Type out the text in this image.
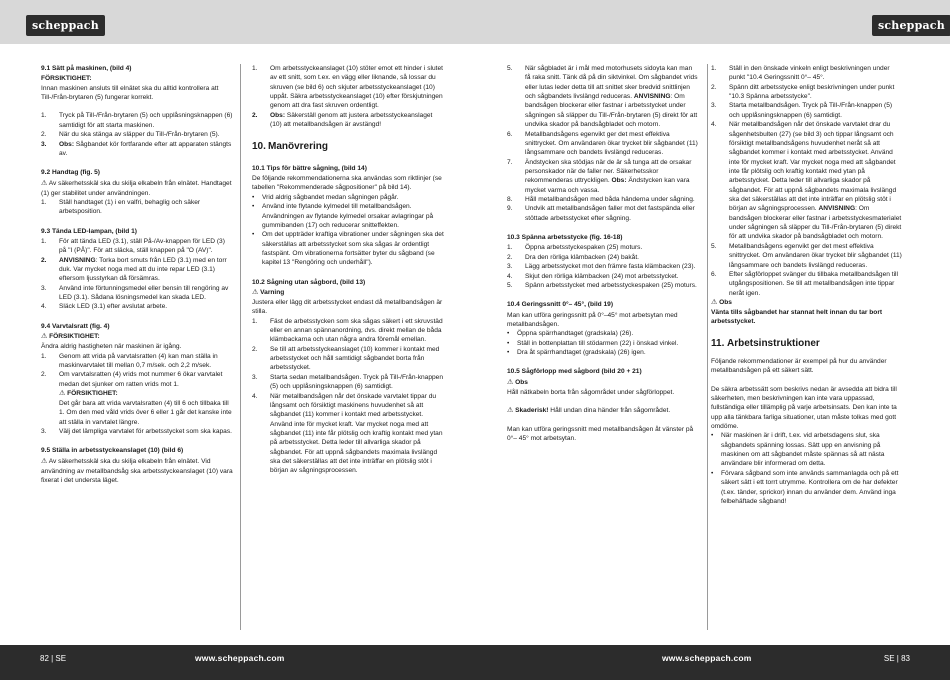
scheppach	scheppach
9.1 Sätt på maskinen, (bild 4)

FÖRSIKTIGHET:

Innan maskinen ansluts till elnätet ska du alltid kontrollera att Till-/Från-brytaren (5) fungerar korrekt.

1.	Tryck på Till-/Från-brytaren (5) och upplåsningsknappen (6) samtidigt för att starta maskinen.
2.	När du ska stänga av släpper du Till-/Från-brytaren (5).
3.	Obs: Sågbandet kör fortfarande efter att apparaten stängts av.
9.2 Handtag (fig. 5)

⚠ Av säkerhetsskäl ska du skilja elkabeln från elnätet. Handtaget (1) ger stabilitet under användningen.

1.	Ställ handtaget (1) i en valfri, behaglig och säker arbetsposition.
9.3 Tända LED-lampan, (bild 1)
1.	För att tända LED (3.1), ställ På-/Av-knappen för LED (3) på "I (PÅ)". För att släcka, ställ knappen på "O (AV)".
2.	ANVISNING: Torka bort smuts från LED (3.1) med en torr duk. Var mycket noga med att du inte repar LED (3.1) eftersom ljusstyrkan då försämras.
3.	Använd inte förtunningsmedel eller bensin till rengöring av LED (3.1). Sådana lösningsmedel kan skada LED.
4.	Släck LED (3.1) efter avslutat arbete.
9.4 Varvtalsratt (fig. 4)

⚠ FÖRSIKTIGHET:

Ändra aldrig hastigheten när maskinen är igång.

1.	Genom att vrida på varvtalsratten (4) kan man ställa in maskinvarvtalet till mellan 0,7 m/sek. och 2,2 m/sek.
2.	Om varvtalsratten (4) vrids mot nummer 6 ökar varvtalet medan det sjunker om ratten vrids mot 1.

⚠ FÖRSIKTIGHET:

Det går bara att vrida varvtalsratten (4) till 6 och tillbaka till 1. Om den med våld vrids över 6 eller 1 går det kanske inte att ställa in varvtalet längre.

3.	Välj det lämpliga varvtalet för arbetsstycket som ska kapas.
9.5 Ställa in arbetsstyckeanslaget (10) (bild 6)

⚠ Av säkerhetsskäl ska du skilja elkabeln från elnätet. Vid användning av metallbandsåg ska arbetsstyckeanslaget (10) vara fixerat i det understa läget.

1.	Om arbetsstyckeanslaget (10) stöter emot ett hinder i slutet av ett snitt, som t.ex. en vägg eller liknande, så lossar du skruven (se bild 6) och skjuter arbetsstyckeanslaget (10) uppåt. Säkra arbetsstyckeanslaget (10) efter förskjutningen genom att dra fast skruven ordentligt.
2.	Obs: Säkerställ genom att justera arbetsstyckeanslaget (10) att metallbandsågen är avstängd!
10. Manövrering
10.1 Tips för bättre sågning, (bild 14)

De följande rekommendationerna ska användas som riktlinjer (se tabellen "Rekommenderade sågpositioner" på bild 14).

•	Vrid aldrig sågbandet medan sågningen pågår.
•	Använd inte flytande kylmedel till metallbandsågen. Användningen av flytande kylmedel orsakar avlagringar på gummibanden (17) och reducerar snitteffekten.
•	Om det uppträder kraftiga vibrationer under sågningen ska det säkerställas att arbetsstycket som ska sågas är ordentligt fastspänt. Om vibrationerna fortsätter byter du sågband (se kapitel 13 "Rengöring och underhåll").
10.2 Sågning utan sågbord, (bild 13)

⚠ Varning

Justera eller lägg dit arbetsstycket endast då metallbandsågen är stilla.

1.	Fäst de arbetsstycken som ska sågas säkert i ett skruvstäd eller en annan spännanordning, dvs. direkt mellan de båda klämbackarna och utan några andra föremål emellan.
2.	Se till att arbetsstyckeanslaget (10) kommer i kontakt med arbetsstycket och håll samtidigt sågbandet borta från arbetsstycket.
3.	Starta sedan metallbandsågen. Tryck på Till-/Från-knappen (5) och upplåsningsknappen (6) samtidigt.
4.	När metallbandsågen når det önskade varvtalet tippar du långsamt och försiktigt maskinens huvudenhet så att sågbandet (11) kommer i kontakt med arbetsstycket. Använd inte för mycket kraft. Var mycket noga med att sågbandet (11) inte får plötslig och kraftig kontakt med ytan på arbetsstycket. Detta leder till allvarliga skador på sågbandet. För att uppnå sågbandets maximala livslängd ska det säkerställas att det inte inträffar en plötslig stöt i början av sågningsprocessen.
5.	När sågbladet är i mål med motorhusets sidoyta kan man få raka snitt. Tänk då på din siktvinkel. Om sågbandet vrids eller lutas leder detta till att snittet sker bredvid snittlinjen och sågbandets livslängd reduceras. ANVISNING: Om bandsågen blockerar eller fastnar i arbetsstycket under sågningen så släpper du Till-/Från-brytaren (5) direkt för att undvika skador på bandsågbladet och motorn.
6.	Metallbandsågens egenvikt ger det mest effektiva snittrycket. Om användaren ökar trycket blir sågbandet (11) långsammare och bandets livslängd reduceras.
7.	Ändstycken ska stödjas när de är så tunga att de orsakar personskador när de faller ner. Säkerhetsskor rekommenderas uttryckligen. Obs: Ändstycken kan vara mycket varma och vassa.
8.	Håll metallbandsågen med båda händerna under sågning.
9.	Undvik att metallbandsågen faller mot det fastspända eller stöttade arbetsstycket efter sågning.
10.3 Spänna arbetsstycke (fig. 16-18)
1.	Öppna arbetsstyckespaken (25) moturs.
2.	Dra den rörliga klämbacken (24) bakåt.
3.	Lägg arbetsstycket mot den främre fasta klämbacken (23).
4.	Skjut den rörliga klämbacken (24) mot arbetsstycket.
5.	Spänn arbetsstycket med arbetsstyckespaken (25) moturs.
10.4 Geringssnitt 0°– 45°, (bild 19)

Man kan utföra geringssnitt på 0°–45° mot arbetsytan med metallbandsågen.

•	Öppna spärrhandtaget (gradskala) (26).
•	Ställ in bottenplattan till stödarmen (22) i önskad vinkel.
•	Dra åt spärrhandtaget (gradskala) (26) igen.
10.5 Sågförlopp med sågbord (bild 20 + 21)

⚠ Obs

Håll nätkabeln borta från sågområdet under sågförloppet.

⚠ Skaderisk! Håll undan dina händer från sågområdet.

Man kan utföra geringssnitt med metallbandsågen åt vänster på 0°– 45° mot arbetsytan.

1.	Ställ in den önskade vinkeln enligt beskrivningen under punkt "10.4 Geringssnitt 0°– 45°.
2.	Spänn ditt arbetsstycke enligt beskrivningen under punkt "10.3 Spänna arbetsstycke".
3.	Starta metallbandsågen. Tryck på Till-/Från-knappen (5) och upplåsningsknappen (6) samtidigt.
4.	När metallbandsågen når det önskade varvtalet drar du sågenhetsbulten (27) (se bild 3) och tippar långsamt och försiktigt metallbandsågens huvudenhet neråt så att sågbandet kommer i kontakt med arbetsstycket. Använd inte för mycket kraft. Var mycket noga med att sågbandet inte får plötslig och kraftig kontakt med ytan på arbetsstycket. Detta leder till allvarliga skador på sågbandet. För att uppnå sågbandets maximala livslängd ska det säkerställas att det inte inträffar en plötslig stöt i början av sågningsprocessen. ANVISNING: Om bandsågen blockerar eller fastnar i arbetsstyckesmaterialet under sågningen så släpper du Till-/Från-brytaren (5) direkt för att undvika skador på bandsågbladet och motorn.
5.	Metallbandsågens egenvikt ger det mest effektiva snittrycket. Om användaren ökar trycket blir sågbandet (11) långsammare och bandets livslängd reduceras.
6.	Efter sågförloppet svänger du tillbaka metallbandsågen till utgångspositionen. Se till att metallbandsågen inte tippar neråt igen.

⚠ Obs

Vänta tills sågbandet har stannat helt innan du tar bort arbetsstycket.

11. Arbetsinstruktioner

Följande rekommendationer är exempel på hur du använder metallbandsågen på ett säkert sätt.

De säkra arbetssätt som beskrivs nedan är avsedda att bidra till säkerheten, men beskrivningen kan inte vara uppassad, fullständiga eller tillämplig på varje arbetsinsats. Den kan inte ta upp alla tänkbara farliga situationer, utan måste tolkas med gott omdöme.

•	När maskinen är i drift, t.ex. vid arbetsdagens slut, ska sågbandets spänning lossas. Sätt upp en anvisning på maskinen om att sågbandet måste spännas så att nästa användare blir informerad om detta.
•	Förvara sågband som inte används sammanlagda och på ett säkert sätt i ett torrt utrymme. Kontrollera om de har defekter (t.ex. tänder, sprickor) innan du använder dem. Använd inga felbehäftade sågband!
82 | SE	www.scheppach.com	www.scheppach.com	SE | 83
